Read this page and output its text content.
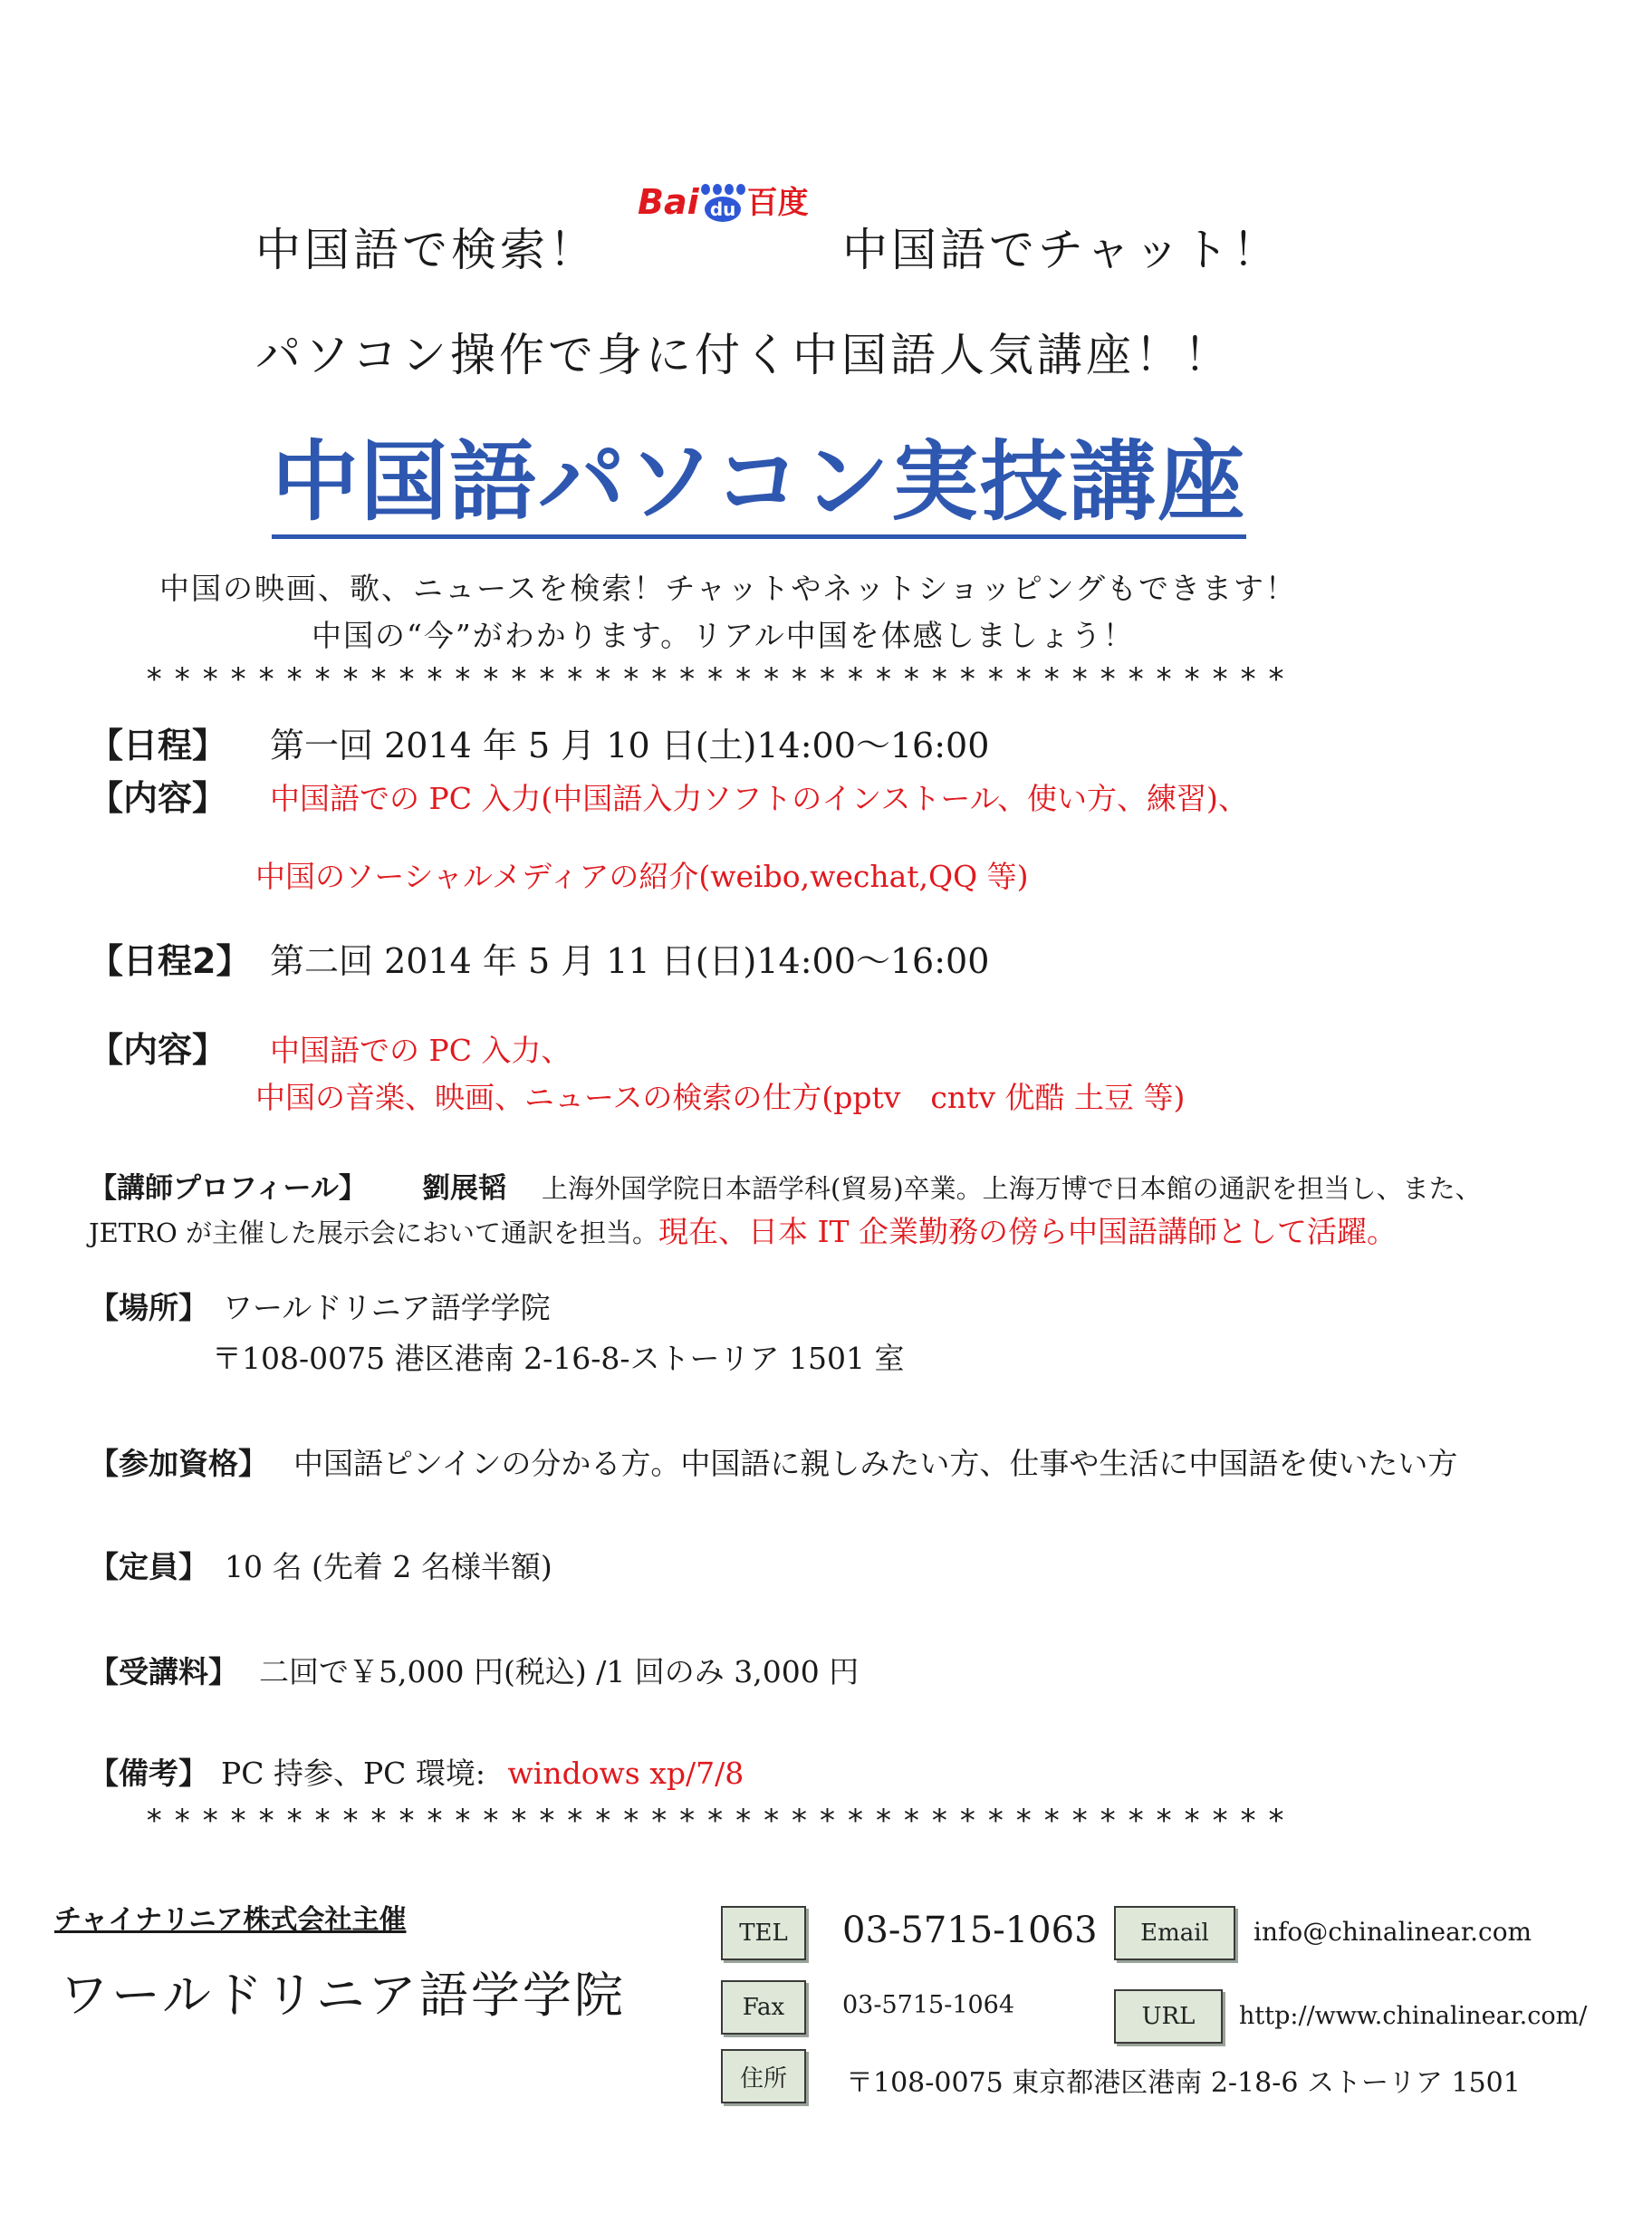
中国語で検索！
Bai du 百度
中国語でチャット！
パソコン操作で身に付く中国語人気講座！！
中国語パソコン実技講座
中国の映画、歌、ニュースを検索！チャットやネットショッピングもできます！
中国の“今”がわかります。リアル中国を体感しましょう！
*****************************************
【日程】 第一回 2014 年 5 月 10 日(土)14:00～16:00
【内容】 中国語での PC 入力(中国語入力ソフトのインストール、使い方、練習)、
中国のソーシャルメディアの紹介(weibo,wechat,QQ 等)
【日程2】 第二回 2014 年 5 月 11 日(日)14:00～16:00
【内容】 中国語での PC 入力、
中国の音楽、映画、ニュースの検索の仕方(pptv　cntv 优酷 土豆 等)
【講師プロフィール】 劉展韬 上海外国学院日本語学科(貿易)卒業。上海万博で日本館の通訳を担当し、また、
JETRO が主催した展示会において通訳を担当。現在、日本 IT 企業勤務の傍ら中国語講師として活躍。
【場所】 ワールドリニア語学学院
〒108-0075 港区港南 2-16-8-ストーリア 1501 室
【参加資格】 中国語ピンインの分かる方。中国語に親しみたい方、仕事や生活に中国語を使いたい方
【定員】 10 名 (先着 2 名様半額)
【受講料】 二回で￥5,000 円(税込) /1 回のみ 3,000 円
【備考】 PC 持参、PC 環境: windows xp/7/8
*****************************************
チャイナリニア株式会社主催
ワールドリニア語学学院
TEL	03-5715-1063
Fax	03-5715-1064
住所	〒108-0075 東京都港区港南 2-18-6 ストーリア 1501
Email	info@chinalinear.com
URL	http://www.chinalinear.com/
